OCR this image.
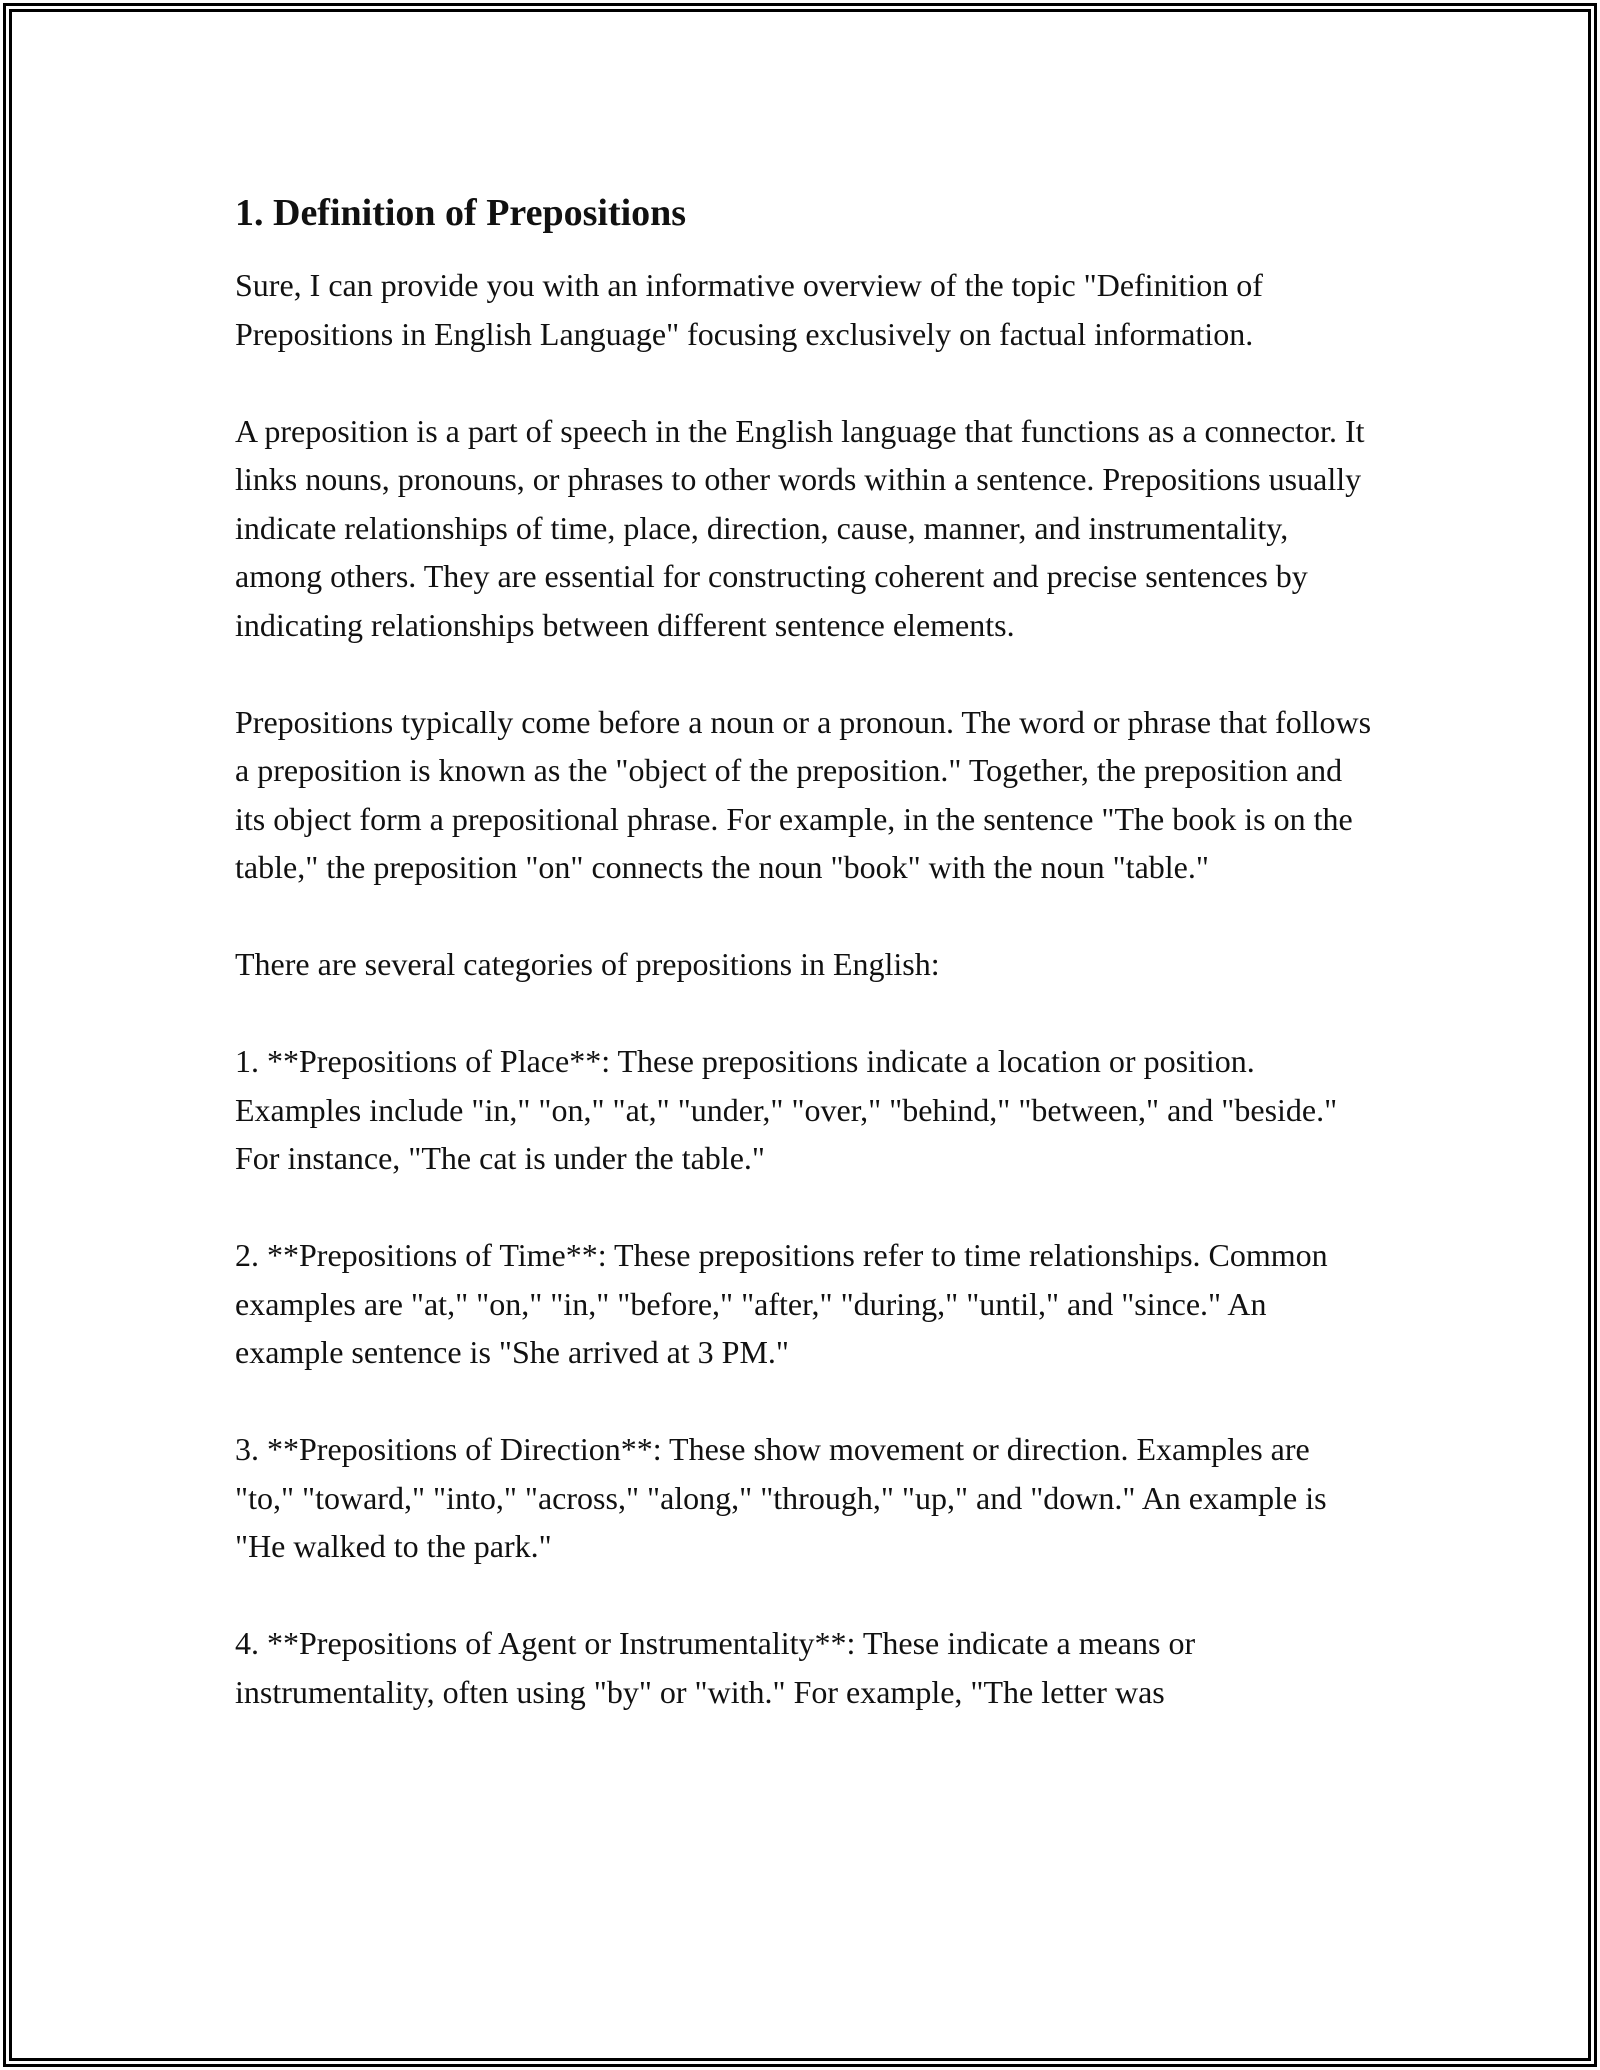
1. Definition of Prepositions

Sure, I can provide you with an informative overview of the topic "Definition of Prepositions in English Language" focusing exclusively on factual information.

A preposition is a part of speech in the English language that functions as a connector. It links nouns, pronouns, or phrases to other words within a sentence. Prepositions usually indicate relationships of time, place, direction, cause, manner, and instrumentality, among others. They are essential for constructing coherent and precise sentences by indicating relationships between different sentence elements.

Prepositions typically come before a noun or a pronoun. The word or phrase that follows a preposition is known as the "object of the preposition." Together, the preposition and its object form a prepositional phrase. For example, in the sentence "The book is on the table," the preposition "on" connects the noun "book" with the noun "table."

There are several categories of prepositions in English:

1. **Prepositions of Place**: These prepositions indicate a location or position. Examples include "in," "on," "at," "under," "over," "behind," "between," and "beside." For instance, "The cat is under the table."

2. **Prepositions of Time**: These prepositions refer to time relationships. Common examples are "at," "on," "in," "before," "after," "during," "until," and "since." An example sentence is "She arrived at 3 PM."

3. **Prepositions of Direction**: These show movement or direction. Examples are "to," "toward," "into," "across," "along," "through," "up," and "down." An example is "He walked to the park."

4. **Prepositions of Agent or Instrumentality**: These indicate a means or instrumentality, often using "by" or "with." For example, "The letter was
